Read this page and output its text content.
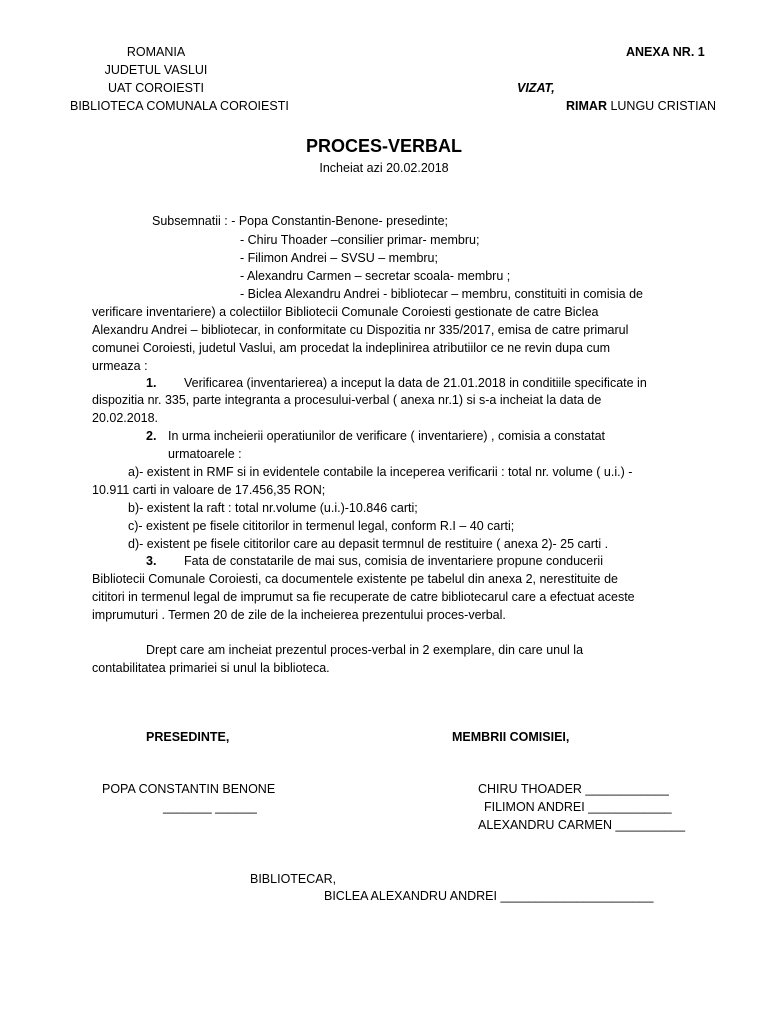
ROMANIA
JUDETUL VASLUI
UAT COROIESTI
BIBLIOTECA COMUNALA COROIESTI
ANEXA NR. 1
VIZAT,
RIMAR LUNGU CRISTIAN
PROCES-VERBAL
Incheiat azi 20.02.2018
Subsemnatii : - Popa Constantin-Benone- presedinte;
- Chiru Thoader –consilier primar- membru;
- Filimon Andrei – SVSU – membru;
- Alexandru Carmen – secretar scoala- membru ;
- Biclea Alexandru Andrei - bibliotecar – membru, constituiti in comisia de
verificare inventariere) a colectiilor Bibliotecii Comunale Coroiesti gestionate de catre Biclea
Alexandru Andrei – bibliotecar, in conformitate cu Dispozitia nr 335/2017, emisa de catre primarul
comunei Coroiesti, judetul Vaslui, am procedat la indeplinirea atributiilor ce ne revin dupa cum
urmeaza :
1. Verificarea (inventarierea) a inceput la data de 21.01.2018 in conditiile specificate in
dispozitia nr. 335, parte integranta a procesului-verbal ( anexa nr.1) si s-a incheiat la data de
20.02.2018.
2. In urma incheierii operatiunilor de verificare ( inventariere) , comisia a constatat
urmatoarele :
a)- existent in RMF si in evidentele contabile la inceperea verificarii : total nr. volume ( u.i.) -
10.911 carti in valoare de 17.456,35 RON;
b)- existent la raft : total nr.volume (u.i.)-10.846 carti;
c)- existent pe fisele cititorilor in termenul legal, conform R.I – 40 carti;
d)- existent pe fisele cititorilor care au depasit termnul de restituire ( anexa 2)- 25 carti .
3. Fata de constatarile de mai sus, comisia de inventariere propune conducerii
Bibliotecii Comunale Coroiesti, ca documentele existente pe tabelul din anexa 2, nerestituite de
cititori in termenul legal de imprumut sa fie recuperate de catre bibliotecarul care a efectuat aceste
imprumuturi . Termen 20 de zile de la incheierea prezentului proces-verbal.
Drept care am incheiat prezentul proces-verbal in 2 exemplare, din care unul la
contabilitatea primariei si unul la biblioteca.
PRESEDINTE,	MEMBRII COMISIEI,
POPA CONSTANTIN BENONE
_______ ______
CHIRU THOADER ____________
FILIMON ANDREI ____________
ALEXANDRU CARMEN __________
BIBLIOTECAR,
BICLEA ALEXANDRU ANDREI ______________________
